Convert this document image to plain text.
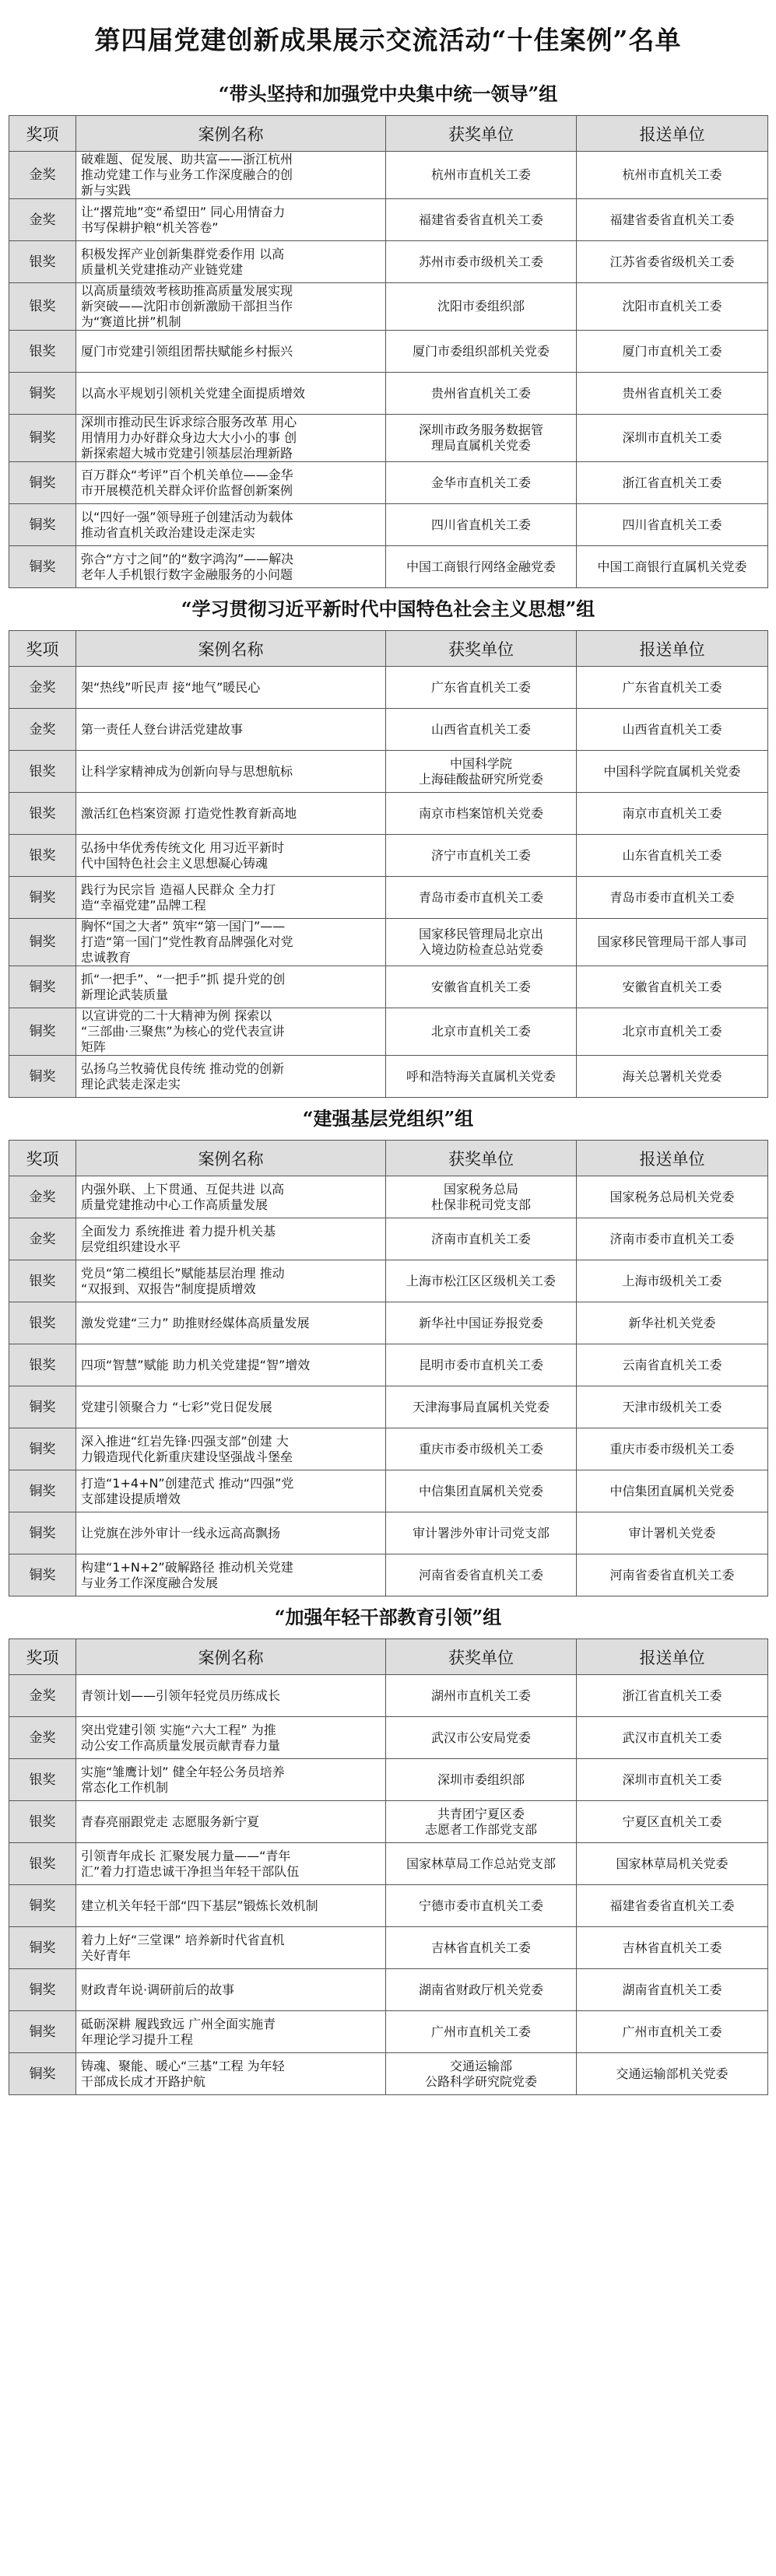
第四届党建创新成果展示交流活动“十佳案例”名单
“带头坚持和加强党中央集中统一领导”组
奖项	案例名称	获奖单位	报送单位
金奖	破难题、促发展、助共富——浙江杭州
推动党建工作与业务工作深度融合的创
新与实践	杭州市直机关工委	杭州市直机关工委

金奖	让“撂荒地”变“希望田” 同心用情奋力
书写保耕护粮“机关答卷”	福建省委省直机关工委	福建省委省直机关工委

银奖	积极发挥产业创新集群党委作用 以高
质量机关党建推动产业链党建	苏州市委市级机关工委	江苏省委省级机关工委

银奖	以高质量绩效考核助推高质量发展实现
新突破——沈阳市创新激励干部担当作
为“赛道比拼”机制	沈阳市委组织部	沈阳市直机关工委

银奖	厦门市党建引领组团帮扶赋能乡村振兴	厦门市委组织部机关党委	厦门市直机关工委

铜奖	以高水平规划引领机关党建全面提质增效	贵州省直机关工委	贵州省直机关工委

铜奖	深圳市推动民生诉求综合服务改革 用心
用情用力办好群众身边大大小小的事 创
新探索超大城市党建引领基层治理新路	深圳市政务服务数据管
理局直属机关党委	深圳市直机关工委

铜奖	百万群众“考评”百个机关单位——金华
市开展模范机关群众评价监督创新案例	金华市直机关工委	浙江省直机关工委

铜奖	以“四好一强”领导班子创建活动为载体
推动省直机关政治建设走深走实	四川省直机关工委	四川省直机关工委

铜奖	弥合“方寸之间”的“数字鸿沟”——解决
老年人手机银行数字金融服务的小问题	中国工商银行网络金融党委	中国工商银行直属机关党委
“学习贯彻习近平新时代中国特色社会主义思想”组
奖项	案例名称	获奖单位	报送单位
金奖	架“热线”听民声 接“地气”暖民心	广东省直机关工委	广东省直机关工委

金奖	第一责任人登台讲活党建故事	山西省直机关工委	山西省直机关工委

银奖	让科学家精神成为创新向导与思想航标	中国科学院
上海硅酸盐研究所党委	中国科学院直属机关党委

银奖	激活红色档案资源 打造党性教育新高地	南京市档案馆机关党委	南京市直机关工委

银奖	弘扬中华优秀传统文化 用习近平新时
代中国特色社会主义思想凝心铸魂	济宁市直机关工委	山东省直机关工委

铜奖	践行为民宗旨 造福人民群众 全力打
造“幸福党建”品牌工程	青岛市委市直机关工委	青岛市委市直机关工委

铜奖	胸怀“国之大者” 筑牢“第一国门”——
打造“第一国门”党性教育品牌强化对党
忠诚教育	国家移民管理局北京出
入境边防检查总站党委	国家移民管理局干部人事司

铜奖	抓“一把手”、“一把手”抓 提升党的创
新理论武装质量	安徽省直机关工委	安徽省直机关工委

铜奖	以宣讲党的二十大精神为例 探索以
“三部曲·三聚焦”为核心的党代表宣讲
矩阵	北京市直机关工委	北京市直机关工委

铜奖	弘扬乌兰牧骑优良传统 推动党的创新
理论武装走深走实	呼和浩特海关直属机关党委	海关总署机关党委
“建强基层党组织”组
奖项	案例名称	获奖单位	报送单位
金奖	内强外联、上下贯通、互促共进 以高
质量党建推动中心工作高质量发展	国家税务总局
杜保非税司党支部	国家税务总局机关党委

金奖	全面发力 系统推进 着力提升机关基
层党组织建设水平	济南市直机关工委	济南市委市直机关工委

银奖	党员“第二模组长”赋能基层治理 推动
“双报到、双报告”制度提质增效	上海市松江区区级机关工委	上海市级机关工委

银奖	激发党建“三力” 助推财经媒体高质量发展	新华社中国证券报党委	新华社机关党委

银奖	四项“智慧”赋能 助力机关党建提“智”增效	昆明市委市直机关工委	云南省直机关工委

铜奖	党建引领聚合力 “七彩”党日促发展	天津海事局直属机关党委	天津市级机关工委

铜奖	深入推进“红岩先锋·四强支部”创建 大
力锻造现代化新重庆建设坚强战斗堡垒	重庆市委市级机关工委	重庆市委市级机关工委

铜奖	打造“1+4+N”创建范式 推动“四强”党
支部建设提质增效	中信集团直属机关党委	中信集团直属机关党委

铜奖	让党旗在涉外审计一线永远高高飘扬	审计署涉外审计司党支部	审计署机关党委

铜奖	构建“1+N+2”破解路径 推动机关党建
与业务工作深度融合发展	河南省委省直机关工委	河南省委省直机关工委
“加强年轻干部教育引领”组
奖项	案例名称	获奖单位	报送单位
金奖	青领计划——引领年轻党员历练成长	湖州市直机关工委	浙江省直机关工委

金奖	突出党建引领 实施“六大工程” 为推
动公安工作高质量发展贡献青春力量	武汉市公安局党委	武汉市直机关工委

银奖	实施“雏鹰计划” 健全年轻公务员培养
常态化工作机制	深圳市委组织部	深圳市直机关工委

银奖	青春亮丽跟党走 志愿服务新宁夏	共青团宁夏区委
志愿者工作部党支部	宁夏区直机关工委

银奖	引领青年成长 汇聚发展力量——“青年
汇”着力打造忠诚干净担当年轻干部队伍	国家林草局工作总站党支部	国家林草局机关党委

铜奖	建立机关年轻干部“四下基层”锻炼长效机制	宁德市委市直机关工委	福建省委省直机关工委

铜奖	着力上好“三堂课” 培养新时代省直机
关好青年	吉林省直机关工委	吉林省直机关工委

铜奖	财政青年说·调研前后的故事	湖南省财政厅机关党委	湖南省直机关工委

铜奖	砥砺深耕 履践致远 广州全面实施青
年理论学习提升工程	广州市直机关工委	广州市直机关工委

铜奖	铸魂、聚能、暖心“三基”工程 为年轻
干部成长成才开路护航	交通运输部
公路科学研究院党委	交通运输部机关党委
